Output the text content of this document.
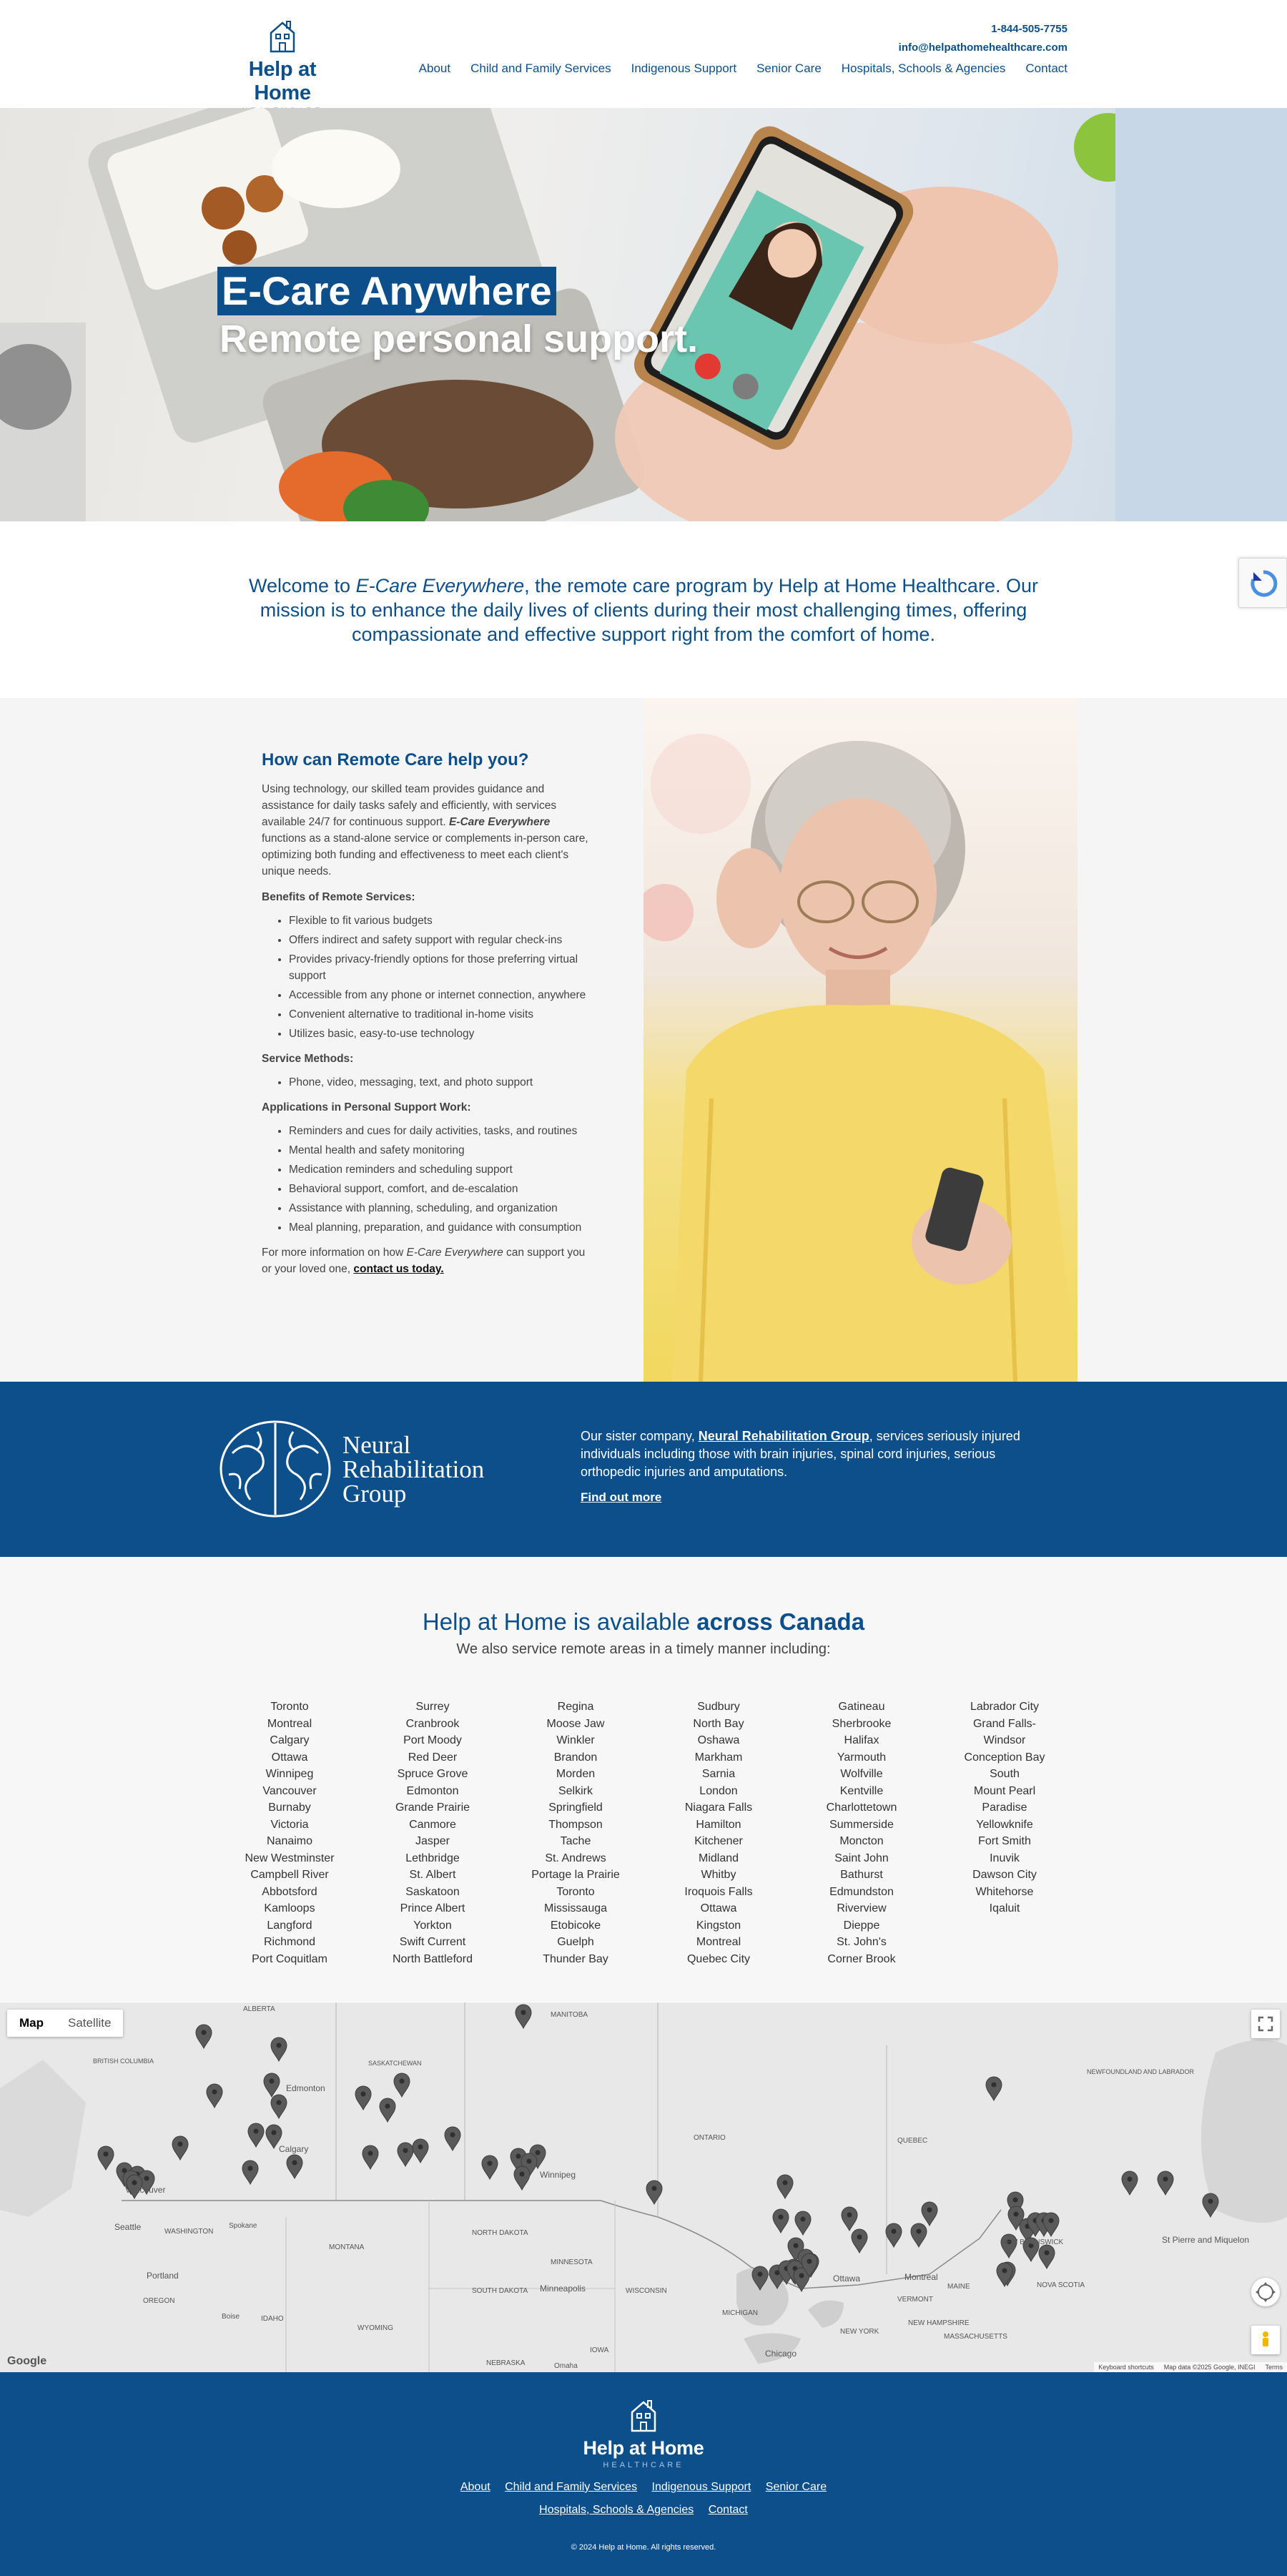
Help at Home
1-844-505-7755
info@helpathomehealthcare.com
About Child and Family Services Indigenous Support Senior Care Hospitals, Schools & Agencies Contact
E-Care Anywhere
Remote personal support.
Welcome to E-Care Everywhere, the remote care program by Help at Home Healthcare. Our mission is to enhance the daily lives of clients during their most challenging times, offering compassionate and effective support right from the comfort of home.
How can Remote Care help you?

Using technology, our skilled team provides guidance and assistance for daily tasks safely and efficiently, with services available 24/7 for continuous support. E-Care Everywhere functions as a stand-alone service or complements in-person care, optimizing both funding and effectiveness to meet each client's unique needs.

Benefits of Remote Services:
• Flexible to fit various budgets
• Offers indirect and safety support with regular check-ins
• Provides privacy-friendly options for those preferring virtual support
• Accessible from any phone or internet connection, anywhere
• Convenient alternative to traditional in-home visits
• Utilizes basic, easy-to-use technology
Service Methods:
• Phone, video, messaging, text, and photo support
Applications in Personal Support Work:
• Reminders and cues for daily activities, tasks, and routines
• Mental health and safety monitoring
• Medication reminders and scheduling support
• Behavioral support, comfort, and de-escalation
• Assistance with planning, scheduling, and organization
• Meal planning, preparation, and guidance with consumption

For more information on how E-Care Everywhere can support you or your loved one, contact us today.

Neural
Rehabilitation
Group
Our sister company, Neural Rehabilitation Group, services seriously injured individuals including those with brain injuries, spinal cord injuries, serious orthopedic injuries and amputations.
Find out more
Help at Home is available across Canada
We also service remote areas in a timely manner including:
Toronto
Montreal
Calgary
Ottawa
Winnipeg
Vancouver
Burnaby
Victoria
Nanaimo
New Westminster
Campbell River
Abbotsford
Kamloops
Langford
Richmond
Port Coquitlam
Surrey
Cranbrook
Port Moody
Red Deer
Spruce Grove
Edmonton
Grande Prairie
Canmore
Jasper
Lethbridge
St. Albert
Saskatoon
Prince Albert
Yorkton
Swift Current
North Battleford
Regina
Moose Jaw
Winkler
Brandon
Morden
Selkirk
Springfield
Thompson
Tache
St. Andrews
Portage la Prairie
Toronto
Mississauga
Etobicoke
Guelph
Thunder Bay
Sudbury
North Bay
Oshawa
Markham
Sarnia
London
Niagara Falls
Hamilton
Kitchener
Midland
Whitby
Iroquois Falls
Ottawa
Kingston
Montreal
Quebec City
Gatineau
Sherbrooke
Halifax
Yarmouth
Wolfville
Kentville
Charlottetown
Summerside
Moncton
Saint John
Bathurst
Edmundston
Riverview
Dieppe
St. John's
Corner Brook
Labrador City
Grand Falls-
Windsor
Conception Bay
South
Mount Pearl
Paradise
Yellowknife
Fort Smith
Inuvik
Dawson City
Whitehorse
Iqaluit
ALBERTA
BRITISH COLUMBIA	SASKATCHEWAN
MANITOBA
ONTARIO	QUEBEC
NEWFOUNDLAND AND LABRADOR
Edmonton
Calgary
Vancouver
Seattle	Spokane
WASHINGTON
Portland
OREGON
MONTANA
IDAHO
Boise
WYOMING
NORTH DAKOTA
SOUTH DAKOTA
MINNESOTA
Minneapolis	WISCONSIN
MICHIGAN
Chicago
IOWA
NEBRASKA	Omaha
Winnipeg
Ottawa	Montreal
NEW YORK
VERMONT
NEW HAMPSHIRE
MASSACHUSETTS
MAINE
NEW BRUNSWICK
NOVA SCOTIA
St Pierre and Miquelon
Map	Satellite
Google	Keyboard shortcuts Map data ©2025 Google, INEGI Terms
Help at Home
HEALTHCARE
About Child and Family Services Indigenous Support Senior Care
Hospitals, Schools & Agencies Contact
© 2024 Help at Home. All rights reserved.
